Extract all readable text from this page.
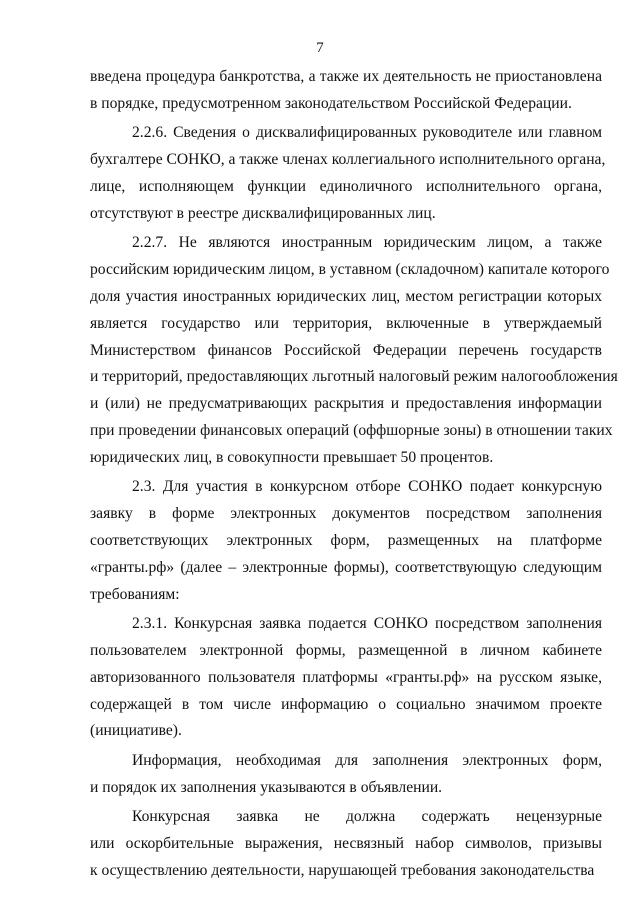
7
введена процедура банкротства, а также их деятельность не приостановлена
в порядке, предусмотренном законодательством Российской Федерации.
2.2.6. Сведения о дисквалифицированных руководителе или главном
бухгалтере СОНКО, а также членах коллегиального исполнительного органа,
лице, исполняющем функции единоличного исполнительного органа,
отсутствуют в реестре дисквалифицированных лиц.
2.2.7. Не являются иностранным юридическим лицом, а также
российским юридическим лицом, в уставном (складочном) капитале которого
доля участия иностранных юридических лиц, местом регистрации которых
является государство или территория, включенные в утверждаемый
Министерством финансов Российской Федерации перечень государств
и территорий, предоставляющих льготный налоговый режим налогообложения
и (или) не предусматривающих раскрытия и предоставления информации
при проведении финансовых операций (оффшорные зоны) в отношении таких
юридических лиц, в совокупности превышает 50 процентов.
2.3. Для участия в конкурсном отборе СОНКО подает конкурсную
заявку в форме электронных документов посредством заполнения
соответствующих электронных форм, размещенных на платформе
«гранты.рф» (далее – электронные формы), соответствующую следующим
требованиям:
2.3.1. Конкурсная заявка подается СОНКО посредством заполнения
пользователем электронной формы, размещенной в личном кабинете
авторизованного пользователя платформы «гранты.рф» на русском языке,
содержащей в том числе информацию о социально значимом проекте
(инициативе).
Информация, необходимая для заполнения электронных форм,
и порядок их заполнения указываются в объявлении.
Конкурсная заявка не должна содержать нецензурные
или оскорбительные выражения, несвязный набор символов, призывы
к осуществлению деятельности, нарушающей требования законодательства
